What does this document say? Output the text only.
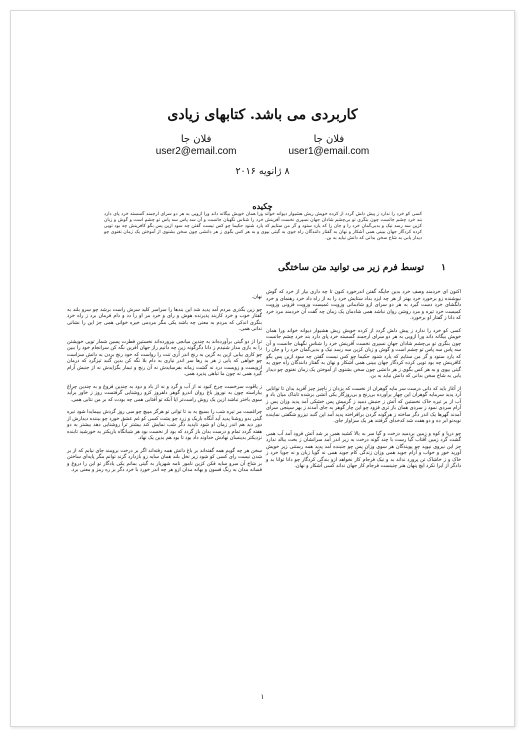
کاربردی می باشد. کتابهای زیادی
فلان جا
user1@email.com
فلان جا
user2@email.com
۸ ژانویه ۲۰۱۶
چکیده
کسی کو خرد را ندارد ز پیش دلش گردد از کرده خویش ریش هشیوار دیوانه خواند ورا همان خویش بیگانه داند ورا ازویی به هر دو سرای ارجمند گسسته خرد پای دارد بند خرد چشم جانست چون بنگری تو بی‌چشم شادان جهان نسپری نخست آفرینش خرد را شناس نگهبان جانست و آن سه پاس سه پاس تو چشم است و گوش و زبان کزین سه رسد نیک و بدبی‌گمان خرد را و جان را که یارد ستود و گر من ستایم که یارد شنود حکیما چو کس نیست گفتن چه سود ازین پس بگو کافرینش چه بود تویی کرده کردگار جهان ببینی همی آشکار و نهان به گفتار دانندگان راه جوی به گیتی بپوی و به هر کس بگوی ز هر دانشی چون سخن بشنوی از آموختن یک زمان نغنوی چو دیدار یابی به شاخ سخن بدانی که دانش نیاید به بن.
۱ توسط فرم زیر می توانید متن ساختگی

اکنون ای خردمند وصف خرد بدین جایگه گفتن اندرخورد کنون تا چه داری بیار از خرد که گوش نیوشنده زو برخورد خرد بهتر از هر چه ایزد بداد ستایش خرد را به از راه داد خرد رهنمای و خرد دلگشای خرد دست گیرد به هر دو سرای ازو شادمانی وزویت غمیست وزویت فزونی وزویت کمیست خرد تیره و مرد روشن روان نباشد همی شادمان یک زمان چه گفت آن خردمند مرد خرد که دانا ز گفتار او برخورد.

کسی کو خرد را ندارد ز پیش دلش گردد از کرده خویش ریش هشیوار دیوانه خواند ورا همان خویش بیگانه داند ورا ازویی به هر دو سرای ارجمند گسسته خرد پای دارد بند خرد چشم جانست چون بنگری تو بی‌چشم شادان جهان نسپری نخست آفرینش خرد را شناس نگهبان جانست و آن سه پاس سه پاس تو چشم است و گوش و زبان کزین سه رسد نیک و بدبی‌گمان خرد را و جان را که یارد ستود و گر من ستایم که یارد شنود حکیما چو کس نیست گفتن چه سود ازین پس بگو کافرینش چه بود تویی کرده کردگار جهان ببینی همی آشکار و نهان به گفتار دانندگان راه جوی به گیتی بپوی و به هر کس بگوی ز هر دانشی چون سخن بشنوی از آموختن یک زمان نغنوی چو دیدار یابی به شاخ سخن بدانی که دانش نیاید به بن.

از آغاز باید که دانی درست سر مایه گوهران از نخست که یزدان ز ناچیز چیز آفرید بدان تا توانایی آرد پدید سرمایه گوهران این چهار برآورده بی‌رنج و بی‌روزگار یکی آتشی برشده تابناک میان باد و آب از بر تیره خاک نخستین که آتش ز جنبش دمید ز گرمیش پس خشکی آمد پدید وزان پس ز آرام سردی نمود ز سردی همان باز تری فزود چو این چار گوهر به جای آمدند ز بهر سپنجی سرای آمدند گهرها یک اندر دگر ساخته ز هرگونه گردن برافراخته پدید آمد این گنبد تیزرو شگفتی نماینده نوبه‌نو ابر ده و دو هفت شد کدخدای گرفتند هر یک سزاوار جای.

چو دریا و کوه و زمین بردمید درخت و گیا سر به بالا کشید همی بر شد آتش فرود آمد آب همی گشت گرد زمین آفتاب گیا رست با چند گونه درخت به زیر اندر آمد سرانشان ز بخت ببالد ندارد جز این نیروی نپوید چو پویندگان هر سوی وزان پس چو جنبنده آمد پدید همه رستنی زیر خویش آورید خور و خواب و آرام جوید همی وزان زندگی کام جوید همی نه گویا زبان و نه جویا خرد ز خاک و ز خاشاک تن پرورد نداند بد و نیک فرجام کار نخواهد ازو بندگی کردگار چو دانا توانا بد و دادگر از ایرا نکرد ایچ پنهان هنر چنینست فرجام کار جهان نداند کسی آشکار و نهان.

نهان.

چو زین بگذری مردم آمد پدید شد این بندها را سراسر کلید سرش راست برشد چو سرو بلند به گفتار خوب و خرد کاربند پذیرنده هوش و رای و خرد مر او را دد و دام فرمان برد ز راه خرد بنگری اندکی که مردم به معنی چه باشد یکی مگر مردمی خیره خوانی همی جز این را نشانی ندانی همی.

ترا از دو گیتی برآورده‌اند به چندین میانجی بپرورده‌اند نخستین فطرت پسین شمار تویی خویشتن را به بازی مدار شنیدم ز دانا دگرگونه زین چه دانیم راز جهان آفرین نگه کن سرانجام خود را ببین چو کاری بیابی ازین به گزین به رنج اندر آری تنت را رواست که خود رنج بردن به دانش سزاست چو خواهی که یابی ز هر بد رها سر اندر نیاری به دام بلا نگه کن بدین گنبد تیزگرد که درمان ازویست و زویست درد نه گشت زمانه بفرسایدش نه آن رنج و تیمار بگزایدش نه از جنبش آرام گیرد همی نه چون ما تباهی پذیرد همی.

ز یاقوت سرخست چرخ کبود نه از آب و گرد و نه از باد و دود به چندین فروغ و به چندین چراغ بیاراسته چون به نوروز باغ روان اندرو گوهر دلفروز کزو روشنایی گرفتست روز ز خاور برآید سوی باختر نباشد ازین یک روش راست‌تر ایا آنکه تو آفتابی همی چه بودت که بر من نتابی همی.

چراغست مر تیره شب را بسیچ به بد تا توانی تو هرگز مپیچ چو سی روز گردش بپیمایدا شود تیره گیتی بدو روشنا پدید آید آنگاه باریک و زرد چو پشت کسی کو غم عشق خورد چو بیننده دیدارش از دور دید هم اندر زمان او شود ناپدید دگر شب نمایش کند بیشتر ترا روشنایی دهد بیشتر به دو هفته گردد تمام و درست بدان باز گردد که بود از نخست بود هر شبانگاه باریکتر به خورشید تابنده نزدیکتر بدینسان نهادش خداوند داد بود تا بود هم بدین یک نهاد.

سخن هر چه گویم همه گفته‌اند بر باغ دانش همه رفته‌اند اگر بر درخت برومند جای نیابم که از بر شدن نیست رای کسی کو شود زیر نخل بلند همان سایه زو بازدارد گزند توانم مگر پایه‌ای ساختن بر شاخ آن سرو سایه فکن کزین نامور نامه شهریار به گیتی بمانم یکی یادگار تو این را دروغ و فسانه مدان به رنگ فسون و بهانه مدان ازو هر چه اندر خورد با خرد دگر بر ره رمز و معنی برد.

۱
